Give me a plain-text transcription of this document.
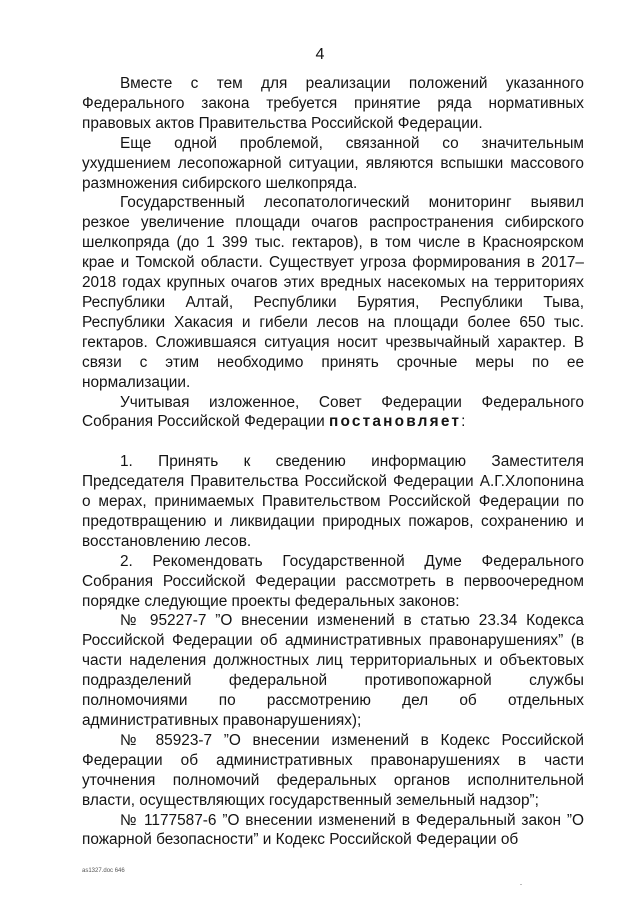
4

Вместе с тем для реализации положений указанного Федерального закона требуется принятие ряда нормативных правовых актов Правительства Российской Федерации.

Еще одной проблемой, связанной со значительным ухудшением лесопожарной ситуации, являются вспышки массового размножения сибирского шелкопряда.

Государственный лесопатологический мониторинг выявил резкое увеличение площади очагов распространения сибирского шелкопряда (до 1 399 тыс. гектаров), в том числе в Красноярском крае и Томской области. Существует угроза формирования в 2017–2018 годах крупных очагов этих вредных насекомых на территориях Республики Алтай, Республики Бурятия, Республики Тыва, Республики Хакасия и гибели лесов на площади более 650 тыс. гектаров. Сложившаяся ситуация носит чрезвычайный характер. В связи с этим необходимо принять срочные меры по ее нормализации.

Учитывая изложенное, Совет Федерации Федерального Собрания Российской Федерации постановляет:

1. Принять к сведению информацию Заместителя Председателя Правительства Российской Федерации А.Г.Хлопонина о мерах, принимаемых Правительством Российской Федерации по предотвращению и ликвидации природных пожаров, сохранению и восстановлению лесов.

2. Рекомендовать Государственной Думе Федерального Собрания Российской Федерации рассмотреть в первоочередном порядке следующие проекты федеральных законов:

№ 95227-7 ”О внесении изменений в статью 23.34 Кодекса Российской Федерации об административных правонарушениях” (в части наделения должностных лиц территориальных и объектовых подразделений федеральной противопожарной службы полномочиями по рассмотрению дел об отдельных административных правонарушениях);

№ 85923-7 ”О внесении изменений в Кодекс Российской Федерации об административных правонарушениях в части уточнения полномочий федеральных органов исполнительной власти, осуществляющих государственный земельный надзор”;

№ 1177587-6 ”О внесении изменений в Федеральный закон ”О пожарной безопасности” и Кодекс Российской Федерации об

as1327.doc 646
